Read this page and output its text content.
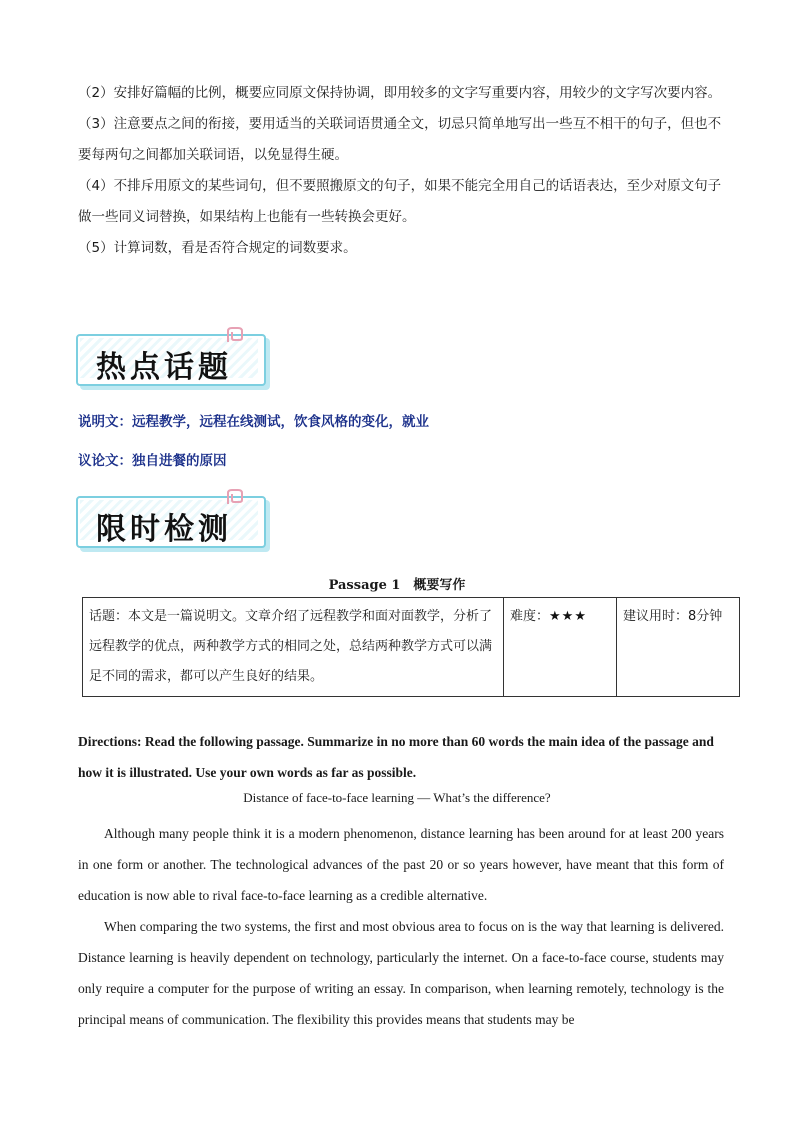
（2）安排好篇幅的比例，概要应同原文保持协调，即用较多的文字写重要内容，用较少的文字写次要内容。

（3）注意要点之间的衔接，要用适当的关联词语贯通全文，切忌只简单地写出一些互不相干的句子，但也不要每两句之间都加关联词语，以免显得生硬。

（4）不排斥用原文的某些词句，但不要照搬原文的句子，如果不能完全用自己的话语表达，至少对原文句子做一些同义词替换，如果结构上也能有一些转换会更好。

（5）计算词数，看是否符合规定的词数要求。

热点话题
说明文：远程教学，远程在线测试，饮食风格的变化，就业
议论文：独自进餐的原因
限时检测
Passage 1　概要写作
话题：本文是一篇说明文。文章介绍了远程教学和面对面教学，分析了远程教学的优点，两种教学方式的相同之处，总结两种教学方式可以满足不同的需求，都可以产生良好的结果。	难度：★★★	建议用时：8分钟
Directions: Read the following passage. Summarize in no more than 60 words the main idea of the passage and how it is illustrated. Use your own words as far as possible.
Distance of face-to-face learning — What’s the difference?

Although many people think it is a modern phenomenon, distance learning has been around for at least 200 years in one form or another. The technological advances of the past 20 or so years however, have meant that this form of education is now able to rival face-to-face learning as a credible alternative.

When comparing the two systems, the first and most obvious area to focus on is the way that learning is delivered. Distance learning is heavily dependent on technology, particularly the internet. On a face-to-face course, students may only require a computer for the purpose of writing an essay. In comparison, when learning remotely, technology is the principal means of communication. The flexibility this provides means that students may be
